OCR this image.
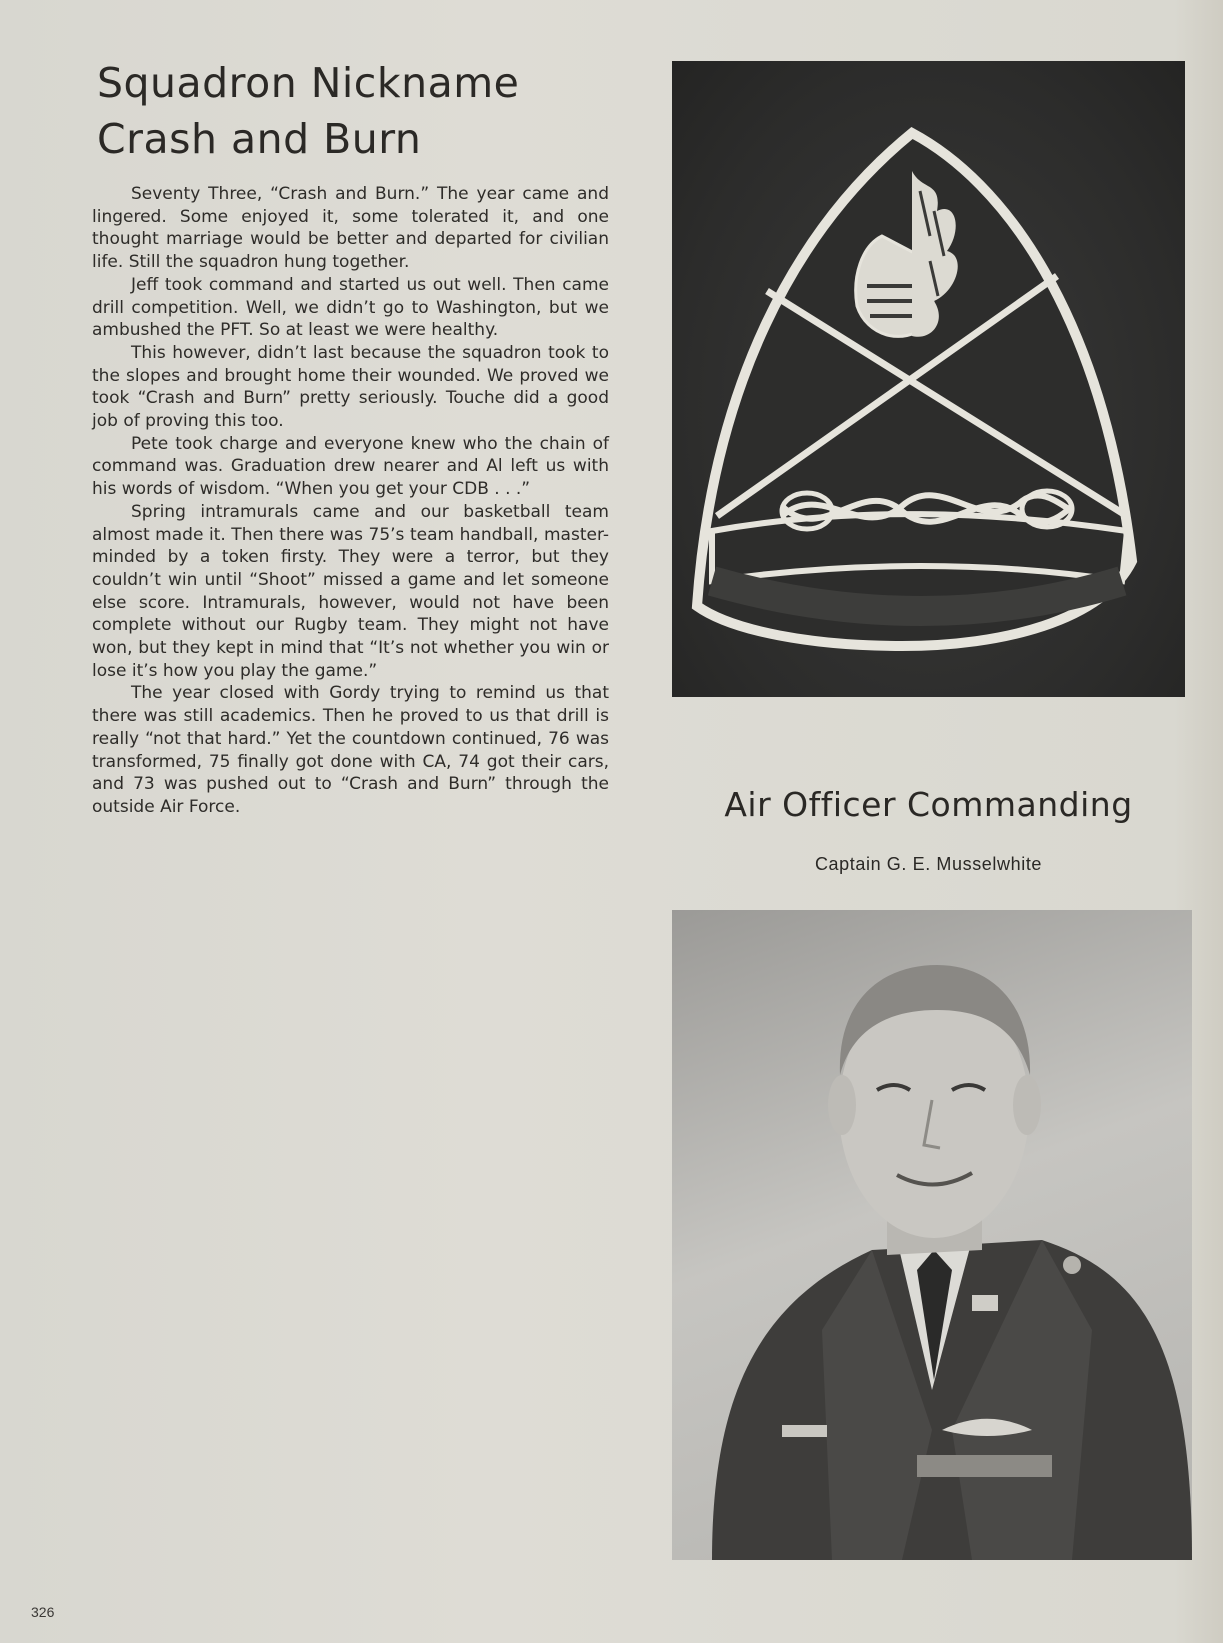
Squadron Nickname
Crash and Burn

Seventy Three, “Crash and Burn.” The year came and lingered. Some enjoyed it, some tolerated it, and one thought marriage would be better and departed for civilian life. Still the squadron hung together.

Jeff took command and started us out well. Then came drill competition. Well, we didn’t go to Washington, but we ambushed the PFT. So at least we were healthy.

This however, didn’t last because the squadron took to the slopes and brought home their wounded. We proved we took “Crash and Burn” pretty seriously. Touche did a good job of proving this too.

Pete took charge and everyone knew who the chain of command was. Graduation drew nearer and Al left us with his words of wisdom. “When you get your CDB . . .”

Spring intramurals came and our basketball team almost made it. Then there was 75’s team handball, master-minded by a token firsty. They were a terror, but they couldn’t win until “Shoot” missed a game and let someone else score. Intramurals, however, would not have been complete without our Rugby team. They might not have won, but they kept in mind that “It’s not whether you win or lose it’s how you play the game.”

The year closed with Gordy trying to remind us that there was still academics. Then he proved to us that drill is really “not that hard.” Yet the countdown continued, 76 was transformed, 75 finally got done with CA, 74 got their cars, and 73 was pushed out to “Crash and Burn” through the outside Air Force.	Air Officer Commanding
Captain G. E. Musselwhite
326
